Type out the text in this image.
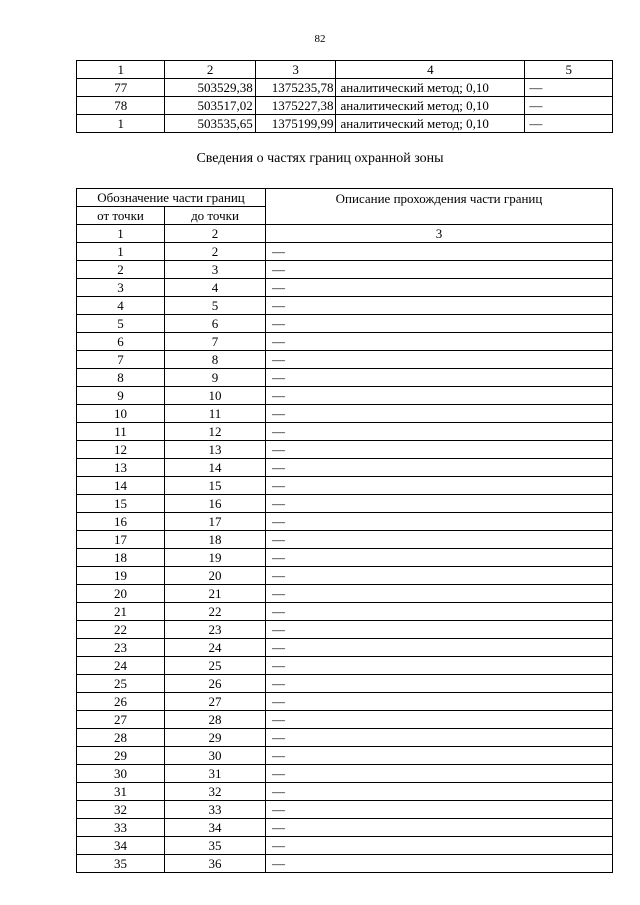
82
1	2	3	4	5
77	503529,38	1375235,78	аналитический метод; 0,10	—
78	503517,02	1375227,38	аналитический метод; 0,10	—
1	503535,65	1375199,99	аналитический метод; 0,10	—
Сведения о частях границ охранной зоны
Обозначение части границ		Описание прохождения части границ
от точки	до точки	
1	2	3
1	2	—
2	3	—
3	4	—
4	5	—
5	6	—
6	7	—
7	8	—
8	9	—
9	10	—
10	11	—
11	12	—
12	13	—
13	14	—
14	15	—
15	16	—
16	17	—
17	18	—
18	19	—
19	20	—
20	21	—
21	22	—
22	23	—
23	24	—
24	25	—
25	26	—
26	27	—
27	28	—
28	29	—
29	30	—
30	31	—
31	32	—
32	33	—
33	34	—
34	35	—
35	36	—
